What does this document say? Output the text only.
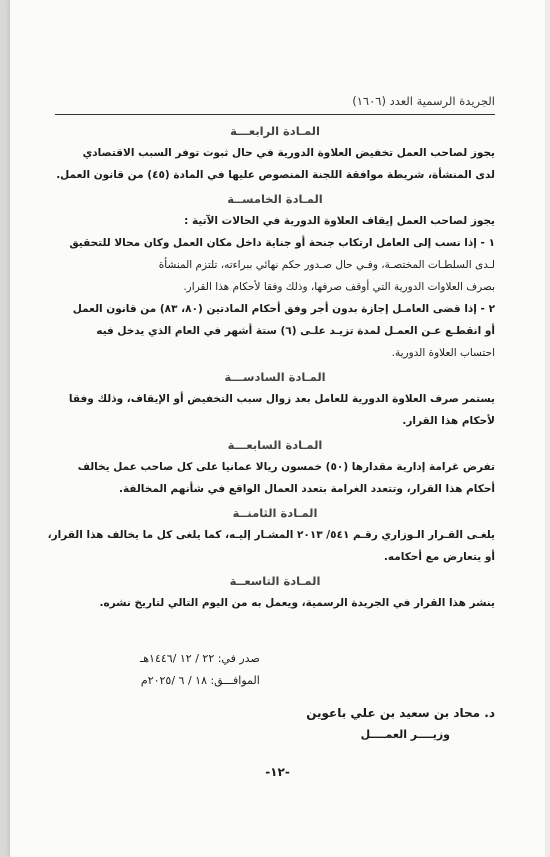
الجريدة الرسمية العدد (١٦٠٦)
المـادة الرابعـــة
يجوز لصاحب العمل تخفيض العلاوة الدورية في حال ثبوت توفر السبب الاقتصادي
لدى المنشأة، شريطة موافقة اللجنة المنصوص عليها في المادة (٤٥) من قانون العمل.
المـادة الخامســة
يجوز لصاحب العمل إيقاف العلاوة الدورية في الحالات الآتية :
١ - إذا نسب إلى العامل ارتكاب جنحة أو جناية داخل مكان العمل وكان محالا للتحقيق
لـدى السلطـات المختصـة، وفـي حال صـدور حكم نهائي ببراءته، تلتزم المنشأة
بصرف العلاوات الدورية التي أوقف صرفها، وذلك وفقا لأحكام هذا القرار.
٢ - إذا قضى العامـل إجازة بدون أجر وفق أحكام المادتين (٨٠، ٨٣) من قانون العمل
أو انقطـع عـن العمـل لمدة تزيـد علـى (٦) ستة أشهر في العام الذي يدخل فيه
احتساب العلاوة الدورية.
المـادة السادســـة
يستمر صرف العلاوة الدورية للعامل بعد زوال سبب التخفيض أو الإيقاف، وذلك وفقا
لأحكام هذا القرار.
المـادة السابعـــة
تفرض غرامة إدارية مقدارها (٥٠) خمسون ريالا عمانيا على كل صاحب عمل يخالف
أحكام هذا القرار، وتتعدد الغرامة بتعدد العمال الواقع في شأنهم المخالفة.
المـادة الثامنــة
يلغـى القـرار الـوزاري رقـم ٥٤١/ ٢٠١٣ المشـار إليـه، كما يلغى كل ما يخالف هذا القرار،
أو يتعارض مع أحكامه.
المـادة التاسعــة
ينشر هذا القرار في الجريدة الرسمية، ويعمل به من اليوم التالي لتاريخ نشره.
صدر في: ٢٢ / ١٢ /١٤٤٦هـ
الموافـــق: ١٨ / ٦ /٢٠٢٥م
د. محاد بن سعيد بن علي باعوين
وزيــــر العمــــل
-١٢-
